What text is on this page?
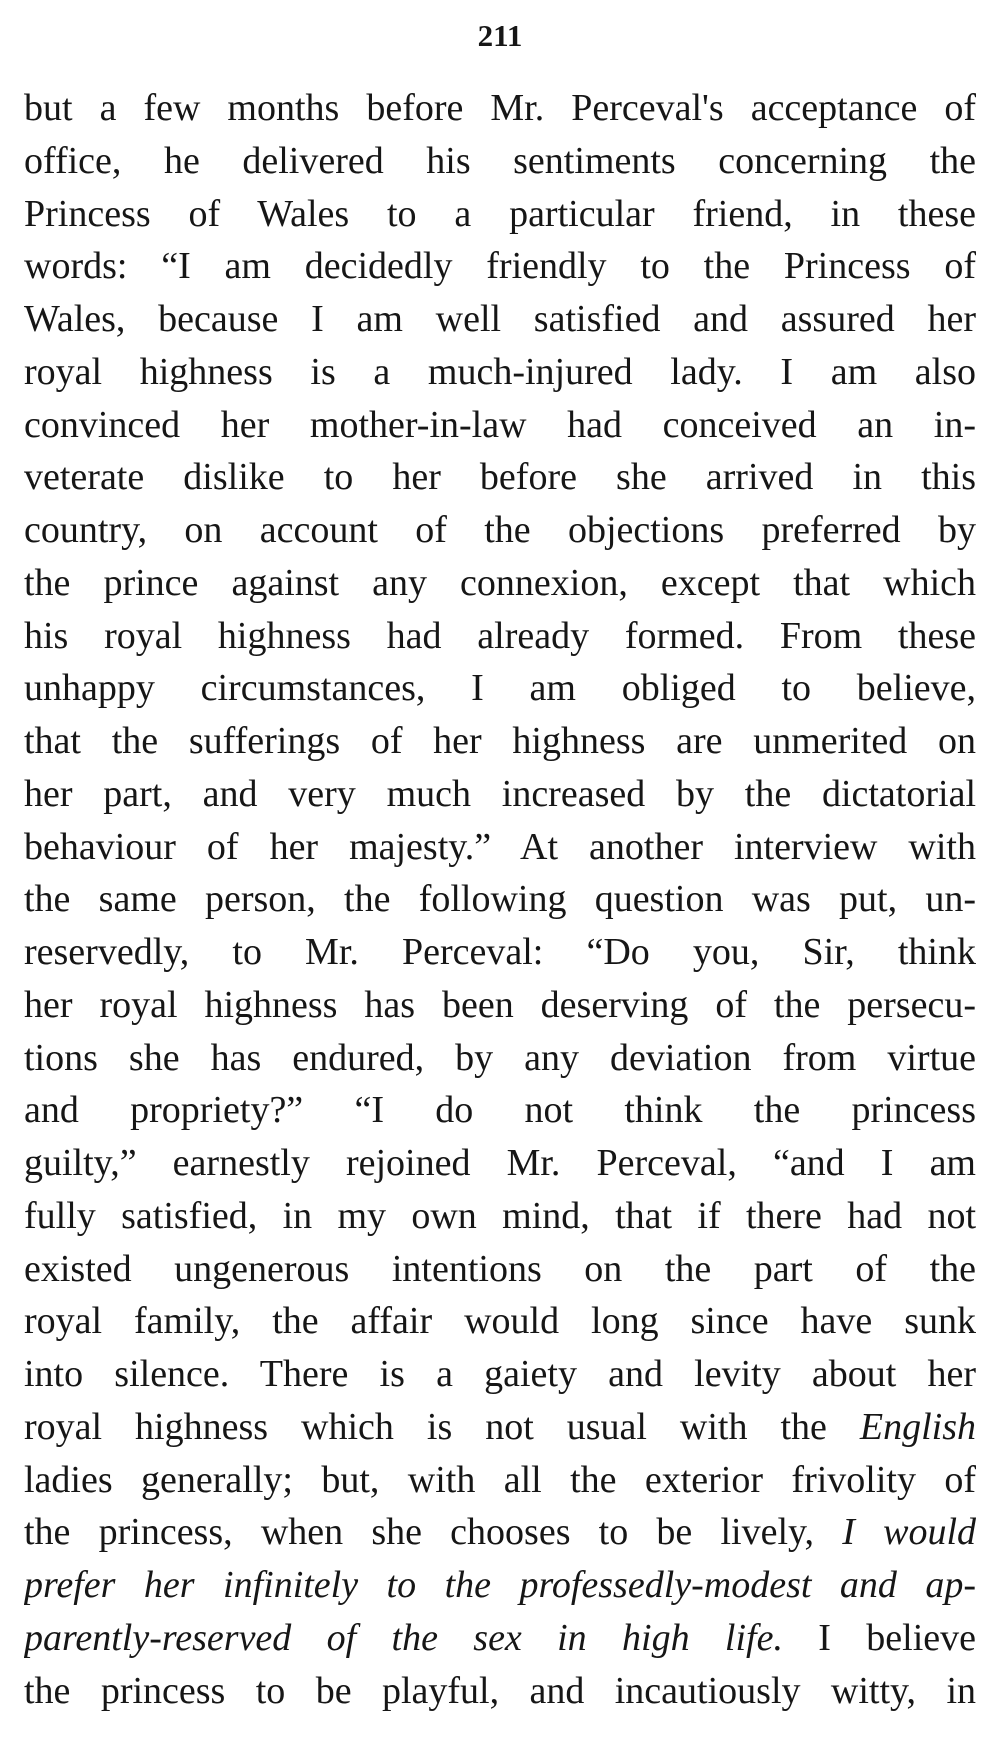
211
but a few months before Mr. Perceval's acceptance of
office, he delivered his sentiments concerning the
Princess of Wales to a particular friend, in these
words: “I am decidedly friendly to the Princess of
Wales, because I am well satisfied and assured her
royal highness is a much-injured lady. I am also
convinced her mother-in-law had conceived an in-
veterate dislike to her before she arrived in this
country, on account of the objections preferred by
the prince against any connexion, except that which
his royal highness had already formed. From these
unhappy circumstances, I am obliged to believe,
that the sufferings of her highness are unmerited on
her part, and very much increased by the dictatorial
behaviour of her majesty.” At another interview with
the same person, the following question was put, un-
reservedly, to Mr. Perceval: “Do you, Sir, think
her royal highness has been deserving of the persecu-
tions she has endured, by any deviation from virtue
and propriety?” “I do not think the princess
guilty,” earnestly rejoined Mr. Perceval, “and I am
fully satisfied, in my own mind, that if there had not
existed ungenerous intentions on the part of the
royal family, the affair would long since have sunk
into silence. There is a gaiety and levity about her
royal highness which is not usual with the English
ladies generally; but, with all the exterior frivolity of
the princess, when she chooses to be lively, I would
prefer her infinitely to the professedly-modest and ap-
parently-reserved of the sex in high life. I believe
the princess to be playful, and incautiously witty, in
